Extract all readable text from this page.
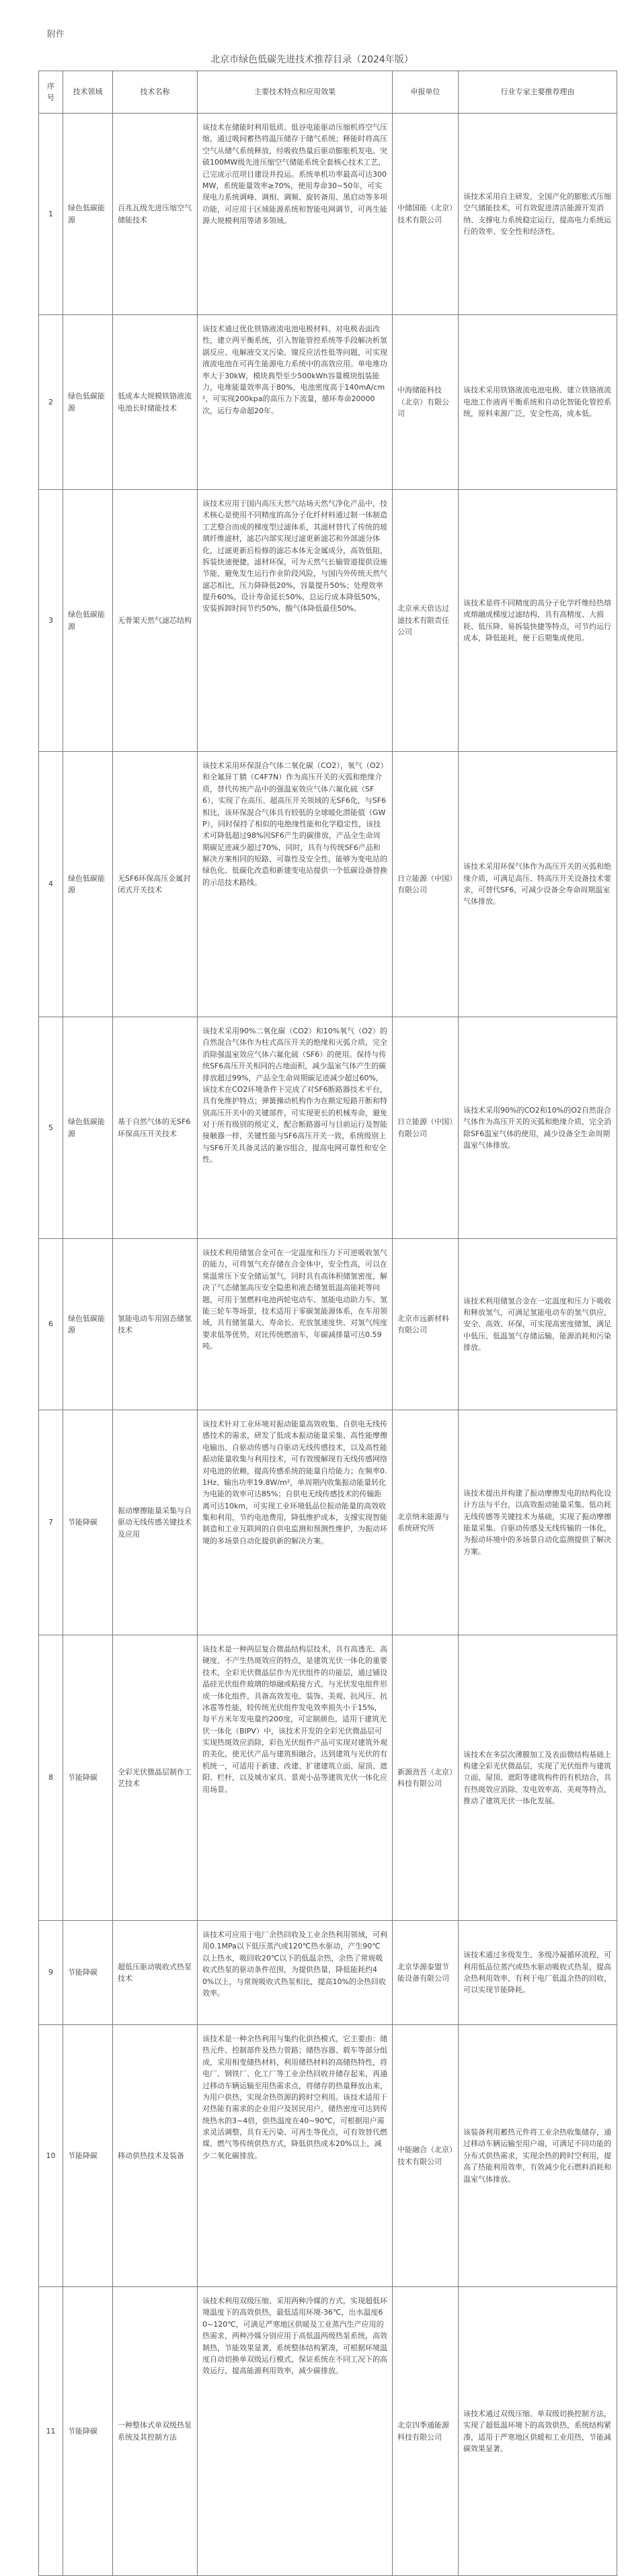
附件
北京市绿色低碳先进技术推荐目录（2024年版）
序号	技术领域	技术名称	主要技术特点和应用效果	申报单位	行业专家主要推荐理由
1	绿色低碳能源	百兆瓦级先进压缩空气储能技术	该技术在储能时利用低质、低谷电能驱动压缩机将空气压缩，通过吸间蓄热将温压储存于储气系统；释能时将高压空气从储气系统释放，经吸收热量后驱动膨胀机发电。突破100MW级先进压缩空气储能系统全套核心技术工艺，已完成示范项目建设并投运。系统单机功率最高可达300MW，系统能量效率≥70%，使用寿命30~50年，可实现电力系统调峰、调相、调频、旋转备用、黑启动等多项功能，可应用于区域能源系统和智能电网调节，可再生能源大规模利用等诸多领域。	中储国能（北京）技术有限公司	该技术采用自主研发，全国产化的膨胀式压缩空气储能技术，可有效促进清洁能源开发消纳、支撑电力系统稳定运行，提高电力系统运行的效率、安全性和经济性。
2	绿色低碳能源	低成本大规模铁铬液流电池长时储能技术	该技术通过优化铁铬液流电池电极材料、对电极表面改性，建立两平衡系统，引入智能管控系统等手段解决析氢副反应、电解液交叉污染、镍反应活性低等问题，可实现液流电池在可再生能源电力系统中的高效应用。单电堆功率大于30kW，模块典型至少500kWh容量模块组装能力，电堆能量效率高于80%，电池密度高于140mA/cm²，可实现200kpa的高压力下流量，循环寿命20000次，运行寿命超20年。	中海储能科技（北京）有限公司	该技术采用铁铬液流电池电极、建立铁铬液流电池工作液再平衡系统和自动化智能化管控系统，原料来源广泛，安全性高，成本低。
3	绿色低碳能源	无骨架天然气滤芯结构	该技术应用于国内高压天然气站场天然气净化产品中，技术核心是使用不同精度的高分子化纤材料通过制一体制造工艺整合而成的梯度型过滤体系，其滤材替代了传统的玻璃纤维滤材，滤芯内部实现过滤更新滤芯和外部滤分体化，过滤更新后检修的滤芯本体无金属成分，高效低阻，拆装快速便捷，滤材环保，可为天然气长输管道提供设施节能，避免发生运行作业阶段风险，与国内外传统天然气滤芯相比，压力降降低20%，容量提升50%；处理效率提升60%，设计寿命延长50%，总运行成本降低50%，安装拆卸时间节约50%，酸气体降低最佳50%。	北京承天倍达过滤技术有限责任公司	该技术是将不同精度的高分子化学纤维经热熔或熔融成梯度过滤结构，具有高精度、大损耗、低压降、易拆装快捷等特点，可节约运行成本，降低能耗，便于后期集成使用。
4	绿色低碳能源	无SF6环保高压金属封闭式开关技术	该技术采用环保混合气体二氧化碳（CO2），氧气（O2）和全氟异丁腈（C4F7N）作为高压开关的灭弧和绝缘介质，替代传统产品中的强温室效应气体六氟化硫（SF6），实现了在高压、超高压开关领域的无SF6化，与SF6相比，该环保混合气体具有较低的全球暖化潜能值（GWP），同时保持了相似的电绝缘性能和化学稳定性，该技术可降低超过98%因SF6产生的碳排放，产品全生命周期碳足迹减少超过70%，同时，具有与传统SF6产品和解决方案相同的短路、可靠性及安全性，能够为变电站的绿色化、低碳化改造和新建变电站提供一个低碳设备替换的示范技术路线。	日立能源（中国）有限公司	该技术采用环保气体作为高压开关的灭弧和绝缘介质，可满足高压、特高压开关设备技术要求，可替代SF6，可减少设备全寿命周期温室气体排放。
5	绿色低碳能源	基于自然气体的无SF6环保高压开关技术	该技术采用90%二氧化碳（CO2）和10%氧气（O2）的自然混合气体作为柱式高压开关的绝缘和灭弧介质，完全消除强温室效应气体六氟化硫（SF6）的使用。保持与传统SF6高压开关相同的占地面积，减少温室气体产生的碳排放超过99%，产品全生命周期碳足迹减少超过60%，该技术在CO2环境条件下完成了对SF6断路器技术平台，具有免维护特点；弹簧操动机构作为在额定短路开断和特别高压开关中的关键部件，可实现更长的机械寿命，避免对于所有级别的预定义，配合断路器可与目前运行及智能接触器一样，关键性能与SF6高压开关一致，系统级别上与SF6开关具备灵活的兼容组合，提高电网可靠性和安全性。	日立能源（中国）有限公司	该技术采用90%的CO2和10%的O2自然混合气体作为高压开关的灭弧和绝缘介质，完全消除SF6温室气体的使用，减少设备全生命周期温室气体排放。
6	绿色低碳能源	氢能电动车用固态储氢技术	该技术利用储氢合金可在一定温度和压力下可逆吸收氢气的能力，可将氢气充存储在合金体中，安全性高，可以在常温常压下安全储运氢气，同时具有高体积储氢密度，解决了气态储氢高压安全隐患和液态储氢低温高能耗等问题，可用于氢燃料电池两轮电动车、氢能电动助力车、氢能三轮车等场景，技术适用于零碳氢能源体系，在车用领域，具有储氢量大、寿命长、充放氢速度快、对氢气纯度要求低等优势，对比传统燃油车，年碳减排量可达0.59吨。	北京市远新材料有限公司	该技术利用储氢合金在一定温度和压力下吸收和释放氢气，可满足氢能电动车的氢气供应，安全、高效、环保，可实现高密度储氢，满足中低压、低温氢气存储运输，能源消耗和污染排放。
7	节能降碳	振动摩擦能量采集与自驱动无线传感关键技术及应用	该技术针对工业环境对振动能量高效收集、自供电无线传感技术的需求，研发了低成本振动能量采集、高性能摩擦电输出、自驱动传感与自驱动无线传感技术，以及高性能振动能量收集与利用技术，可有效缓解现有无线传感网络对电池的依赖，提高传感系统的能量自给能力；在频率0.1Hz、输出功率19.8W/m²，单周期内收集振动能量转化为电能的效率可达85%；自供电无线传感技术的传输距离可达10km，可实现工业环境低品位振动能量的高效收集和利用，节约电池费用，降低维护成本，支撑实现智能制造和工业互联网的自供电监测和预测性维护，为振动环境的多场景自动化提供新的解决方案。	北京纳米能源与系统研究所	该技术提出并构建了振动摩擦发电的结构化设计方法与平台，以高效振动能量采集、低功耗无线传感等关键技术为基础，实现了振动摩擦能量采集、自驱动传感及无线传输的一体化，为振动环境中的多场景自动化监测提供了解决方案。
8	节能降碳	全彩光伏微晶层制作工艺技术	该技术是一种两层复合微晶结构层技术，具有高透光、高硬度、不产生热斑效应的特点，是建筑光伏一体化的重要技术，全彩光伏微晶层作为光伏组件的功能层，通过铺设晶硅光伏组件玻璃的熔融或粘接方式，与光伏发电组件形成一体化组件，具备高效发电、装饰、美观、抗风压、抗冰雹等性能，较传统光伏组件发电效率损失小于15%，每平方米年发电量约200度，可定制颜色，适用于建筑光伏一体化（BIPV）中，该技术开发的全彩光伏微晶层可实现热斑效应消除，彩色光伏组件产品可实现对建筑外观的美化，使光伏产品与建筑相融合，达到建筑与光伏的有机统一，可适用于新建、改建、扩建建筑立面、屋顶、遮阳、栏杆，以及城市家具、景观小品等建筑光伏一体化应用场景。	新源劲吾（北京）科技有限公司	该技术在多层次薄膜加工及表面微结构基础上构建全彩光伏微晶层，实现了光伏组件与建筑立面、屋顶、遮阳等建筑构件的有机结合，具有热斑效应消除、发电效率高、美观等特点，推动了建筑光伏一体化发展。
9	节能降碳	超低压驱动吸收式热泵技术	该技术可应用于电厂余热回收及工业余热利用领域，可利用0.1MPa以下低压蒸汽或120℃热水驱动，产生90℃以上热水，吸回收20℃以下的低温余热，余热了常规吸收式热泵的驱动条件范围，为提供热量，降低能耗约40%以上，与常规吸收式热泵相比，提高10%的余热回收效率。	北京华源泰盟节能设备有限公司	该技术通过多级发生、多级冷凝循环流程，可利用低品位蒸汽或热水驱动吸收式热泵，提高余热利用效率，有利于电厂低温余热的回收，可以实现节能降耗。
10	节能降碳	移动供热技术及装备	该技术是一种余热利用与集约化供热模式，它主要由：储热元件、控制部件及热力管路；储热容器、载车等部分组成，采用相变储热材料，利用储热材料的高储热特性，将电厂、钢铁厂、化工厂等工业余热回收并储存起来，再通过移动车辆运输至用热需求点，将储存的热量释放出来，为用户供热，实现余热资源的跨时空利用。该技术适用于对热能有需求的企业用户及居民用户，储热密度可达到传统热水的3~4倍，供热温度在40~90℃，可根据用户需求灵活调整，具有无污染、可再生等优点，可有效替代燃煤、燃气等传统供热方式，降低供热成本20%以上，减少二氧化碳排放。	中能融合（北京）技术有限公司	该装备利用蓄热元件将工业余热收集储存，通过移动车辆运输至用户端，可满足不同功能的分布式供热需求，实现余热的跨时空利用，提高了热能利用效率，有效减少化石燃料消耗和温室气体排放。
11	节能降碳	一种整体式单双级热泵系统及其控制方法	该技术利用双级压缩、采用两种冷媒的方式，实现超低环境温度下的高效供热，最低适用环境-36℃，出水温度60~120℃，可满足严寒地区供暖及工业蒸汽生产应用的热需求，两种冷媒分别应用于高低温两级热泵系统，高效制热，节能效果显著，系统整体结构紧凑，可根据环境温度自动切换单双级运行模式，保证系统在不同工况下的高效运行，提高能源利用效率，减少碳排放。	北京四季通能源科技有限公司	该技术通过双级压缩、单双级切换控制方法，实现了超低温环境下的高效供热，系统结构紧凑，适用于严寒地区供暖和工业用热，节能减碳效果显著。
